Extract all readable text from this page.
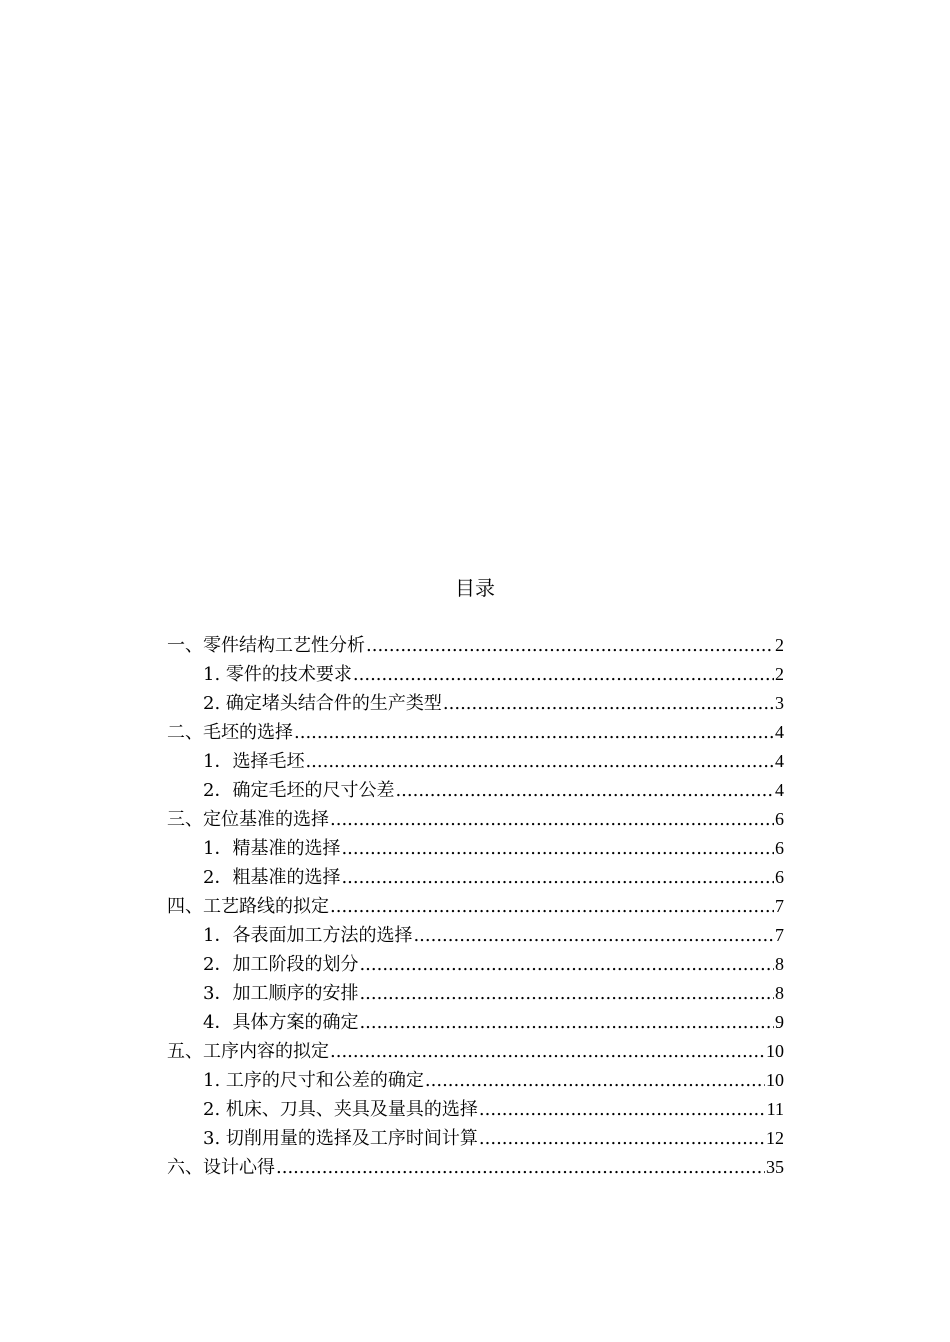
目录
一、零件结构工艺性分析 .....	2
1. 零件的技术要求 .....	2
2. 确定堵头结合件的生产类型 .....	3
二、毛坯的选择 .....	4
1．选择毛坯 .....	4
2．确定毛坯的尺寸公差 .....	4
三、定位基准的选择 .....	6
1．精基准的选择 .....	6
2．粗基准的选择 .....	6
四、工艺路线的拟定 .....	7
1．各表面加工方法的选择 .....	7
2．加工阶段的划分 .....	8
3．加工顺序的安排 .....	8
4．具体方案的确定 .....	9
五、工序内容的拟定 .....	10
1. 工序的尺寸和公差的确定 .....	10
2. 机床、刀具、夹具及量具的选择 .....	11
3. 切削用量的选择及工序时间计算 .....	12
六、设计心得 .....	35
